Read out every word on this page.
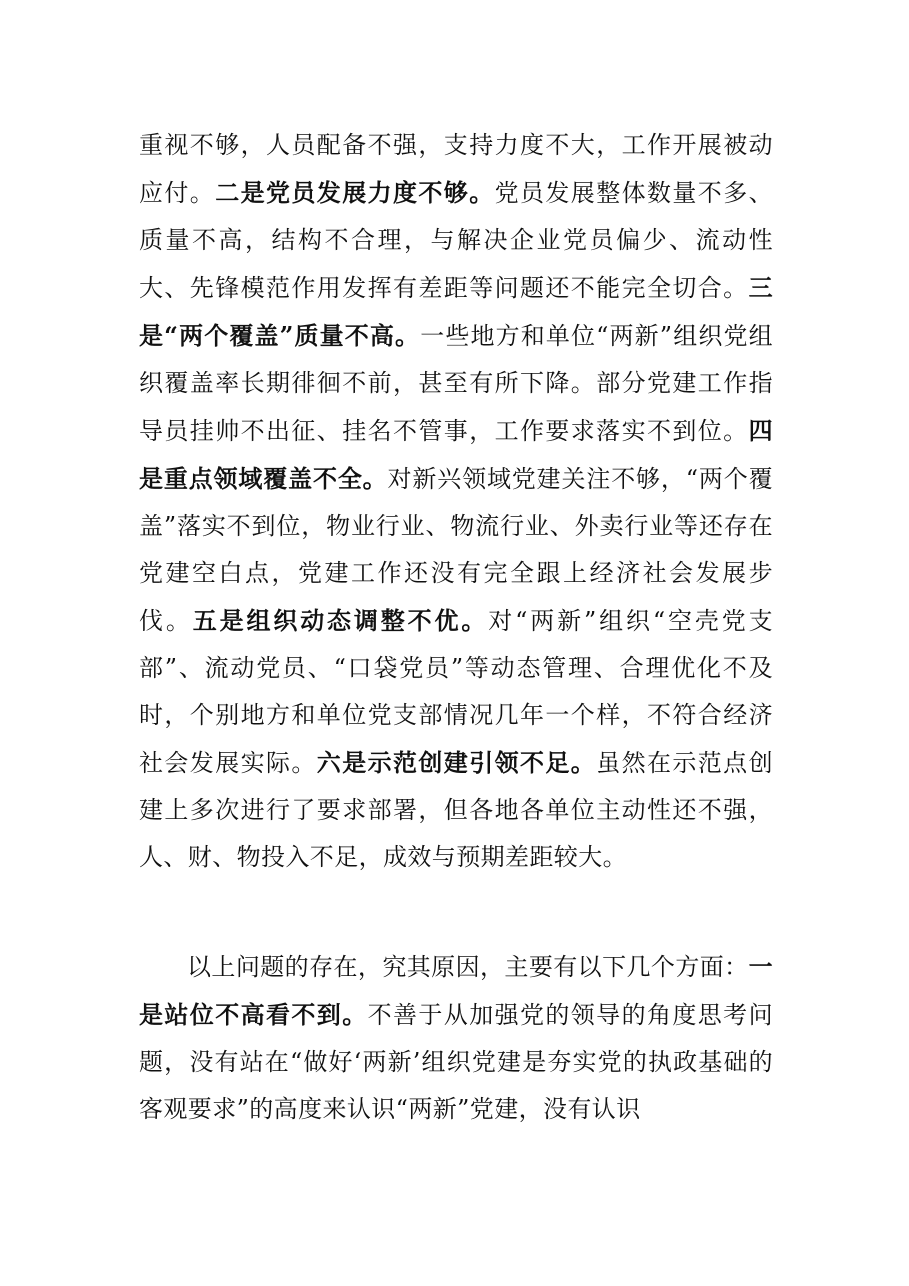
重视不够，人员配备不强，支持力度不大，工作开展被动应付。二是党员发展力度不够。党员发展整体数量不多、质量不高，结构不合理，与解决企业党员偏少、流动性大、先锋模范作用发挥有差距等问题还不能完全切合。三是“两个覆盖”质量不高。一些地方和单位“两新”组织党组织覆盖率长期徘徊不前，甚至有所下降。部分党建工作指导员挂帅不出征、挂名不管事，工作要求落实不到位。四是重点领域覆盖不全。对新兴领域党建关注不够，“两个覆盖”落实不到位，物业行业、物流行业、外卖行业等还存在党建空白点，党建工作还没有完全跟上经济社会发展步伐。五是组织动态调整不优。对“两新”组织“空壳党支部”、流动党员、“口袋党员”等动态管理、合理优化不及时，个别地方和单位党支部情况几年一个样，不符合经济社会发展实际。六是示范创建引领不足。虽然在示范点创建上多次进行了要求部署，但各地各单位主动性还不强，人、财、物投入不足，成效与预期差距较大。
以上问题的存在，究其原因，主要有以下几个方面：一是站位不高看不到。不善于从加强党的领导的角度思考问题，没有站在“做好‘两新’组织党建是夯实党的执政基础的客观要求”的高度来认识“两新”党建，没有认识
